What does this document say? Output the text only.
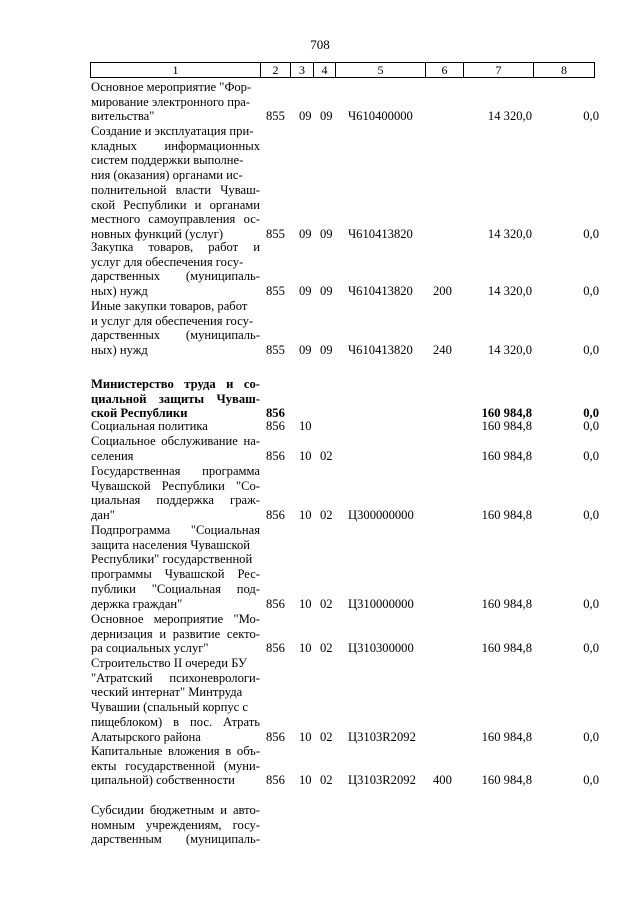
708
1	2	3	4	5	6	7	8
Основное мероприятие "Фор-
мирование электронного пра-
вительства"	855 09 09 Ч610400000	14 320,0	0,0
Создание и эксплуатация при-
кладных информационных
систем поддержки выполне-
ния (оказания) органами ис-
полнительной власти Чуваш-
ской Республики и органами
местного самоуправления ос-
новных функций (услуг)	855 09 09 Ч610413820	14 320,0	0,0
Закупка товаров, работ и
услуг для обеспечения госу-
дарственных (муниципаль-
ных) нужд	855 09 09 Ч610413820 200	14 320,0	0,0
Иные закупки товаров, работ
и услуг для обеспечения госу-
дарственных (муниципаль-
ных) нужд	855 09 09 Ч610413820 240	14 320,0	0,0
Министерство труда и со-
циальной защиты Чуваш-
ской Республики	856	160 984,8	0,0
Социальная политика	856 10	160 984,8	0,0
Социальное обслуживание на-
селения	856 10 02	160 984,8	0,0
Государственная программа
Чувашской Республики "Со-
циальная поддержка граж-
дан"	856 10 02 Ц300000000	160 984,8	0,0
Подпрограмма "Социальная
защита населения Чувашской
Республики" государственной
программы Чувашской Рес-
публики "Социальная под-
держка граждан"	856 10 02 Ц310000000	160 984,8	0,0
Основное мероприятие "Мо-
дернизация и развитие секто-
ра социальных услуг"	856 10 02 Ц310300000	160 984,8	0,0
Строительство II очереди БУ
"Атратский психоневрологи-
ческий интернат" Минтруда
Чувашии (спальный корпус с
пищеблоком) в пос. Атрать
Алатырского района	856 10 02 Ц3103R2092	160 984,8	0,0
Капитальные вложения в объ-
екты государственной (муни-
ципальной) собственности	856 10 02 Ц3103R2092 400	160 984,8	0,0
Субсидии бюджетным и авто-
номным учреждениям, госу-
дарственным (муниципаль-
